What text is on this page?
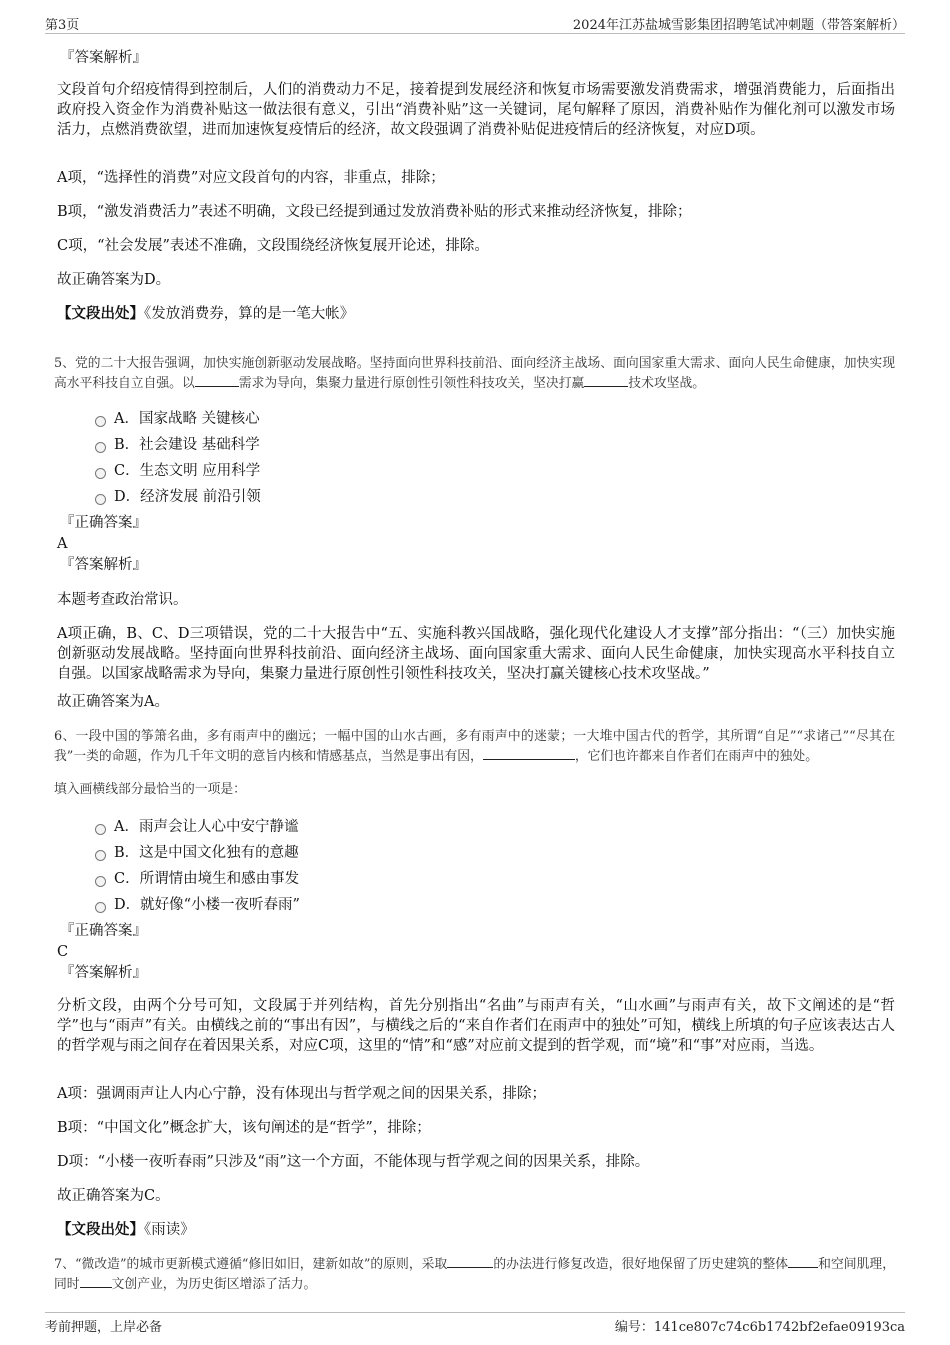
第3页	2024年江苏盐城雪影集团招聘笔试冲刺题（带答案解析）
『答案解析』
文段首句介绍疫情得到控制后，人们的消费动力不足，接着提到发展经济和恢复市场需要激发消费需求，增强消费能力，后面指出政府投入资金作为消费补贴这一做法很有意义，引出“消费补贴”这一关键词，尾句解释了原因，消费补贴作为催化剂可以激发市场活力，点燃消费欲望，进而加速恢复疫情后的经济，故文段强调了消费补贴促进疫情后的经济恢复，对应D项。
A项，“选择性的消费”对应文段首句的内容，非重点，排除；
B项，“激发消费活力”表述不明确，文段已经提到通过发放消费补贴的形式来推动经济恢复，排除；
C项，“社会发展”表述不准确，文段围绕经济恢复展开论述，排除。
故正确答案为D。
【文段出处】《发放消费券，算的是一笔大帐》
5、党的二十大报告强调，加快实施创新驱动发展战略。坚持面向世界科技前沿、面向经济主战场、面向国家重大需求、面向人民生命健康，加快实现高水平科技自立自强。以	需求为导向，集聚力量进行原创性引领性科技攻关，坚决打赢	技术攻坚战。
A．国家战略 关键核心
B．社会建设 基础科学
C．生态文明 应用科学
D．经济发展 前沿引领
『正确答案』
A
『答案解析』
本题考查政治常识。
A项正确，B、C、D三项错误，党的二十大报告中“五、实施科教兴国战略，强化现代化建设人才支撑”部分指出：“（三）加快实施创新驱动发展战略。坚持面向世界科技前沿、面向经济主战场、面向国家重大需求、面向人民生命健康，加快实现高水平科技自立自强。以国家战略需求为导向，集聚力量进行原创性引领性科技攻关，坚决打赢关键核心技术攻坚战。”
故正确答案为A。
6、一段中国的筝箫名曲，多有雨声中的幽远；一幅中国的山水古画，多有雨声中的迷蒙；一大堆中国古代的哲学，其所谓“自足”“求诸己”“尽其在我”一类的命题，作为几千年文明的意旨内核和情感基点，当然是事出有因，	，它们也许都来自作者们在雨声中的独处。
填入画横线部分最恰当的一项是：
A．雨声会让人心中安宁静谧
B．这是中国文化独有的意趣
C．所谓情由境生和感由事发
D．就好像“小楼一夜听春雨”
『正确答案』
C
『答案解析』
分析文段，由两个分号可知，文段属于并列结构，首先分别指出“名曲”与雨声有关，“山水画”与雨声有关，故下文阐述的是“哲学”也与“雨声”有关。由横线之前的“事出有因”，与横线之后的“来自作者们在雨声中的独处”可知，横线上所填的句子应该表达古人的哲学观与雨之间存在着因果关系，对应C项，这里的“情”和“感”对应前文提到的哲学观，而“境”和“事”对应雨，当选。
A项：强调雨声让人内心宁静，没有体现出与哲学观之间的因果关系，排除；
B项：“中国文化”概念扩大，该句阐述的是“哲学”，排除；
D项：“小楼一夜听春雨”只涉及“雨”这一个方面，不能体现与哲学观之间的因果关系，排除。
故正确答案为C。
【文段出处】《雨读》
7、“微改造”的城市更新模式遵循“修旧如旧，建新如故”的原则，采取	的办法进行修复改造，很好地保留了历史建筑的整体 和空间肌理，同时	文创产业，为历史街区增添了活力。
考前押题，上岸必备	编号：141ce807c74c6b1742bf2efae09193ca
